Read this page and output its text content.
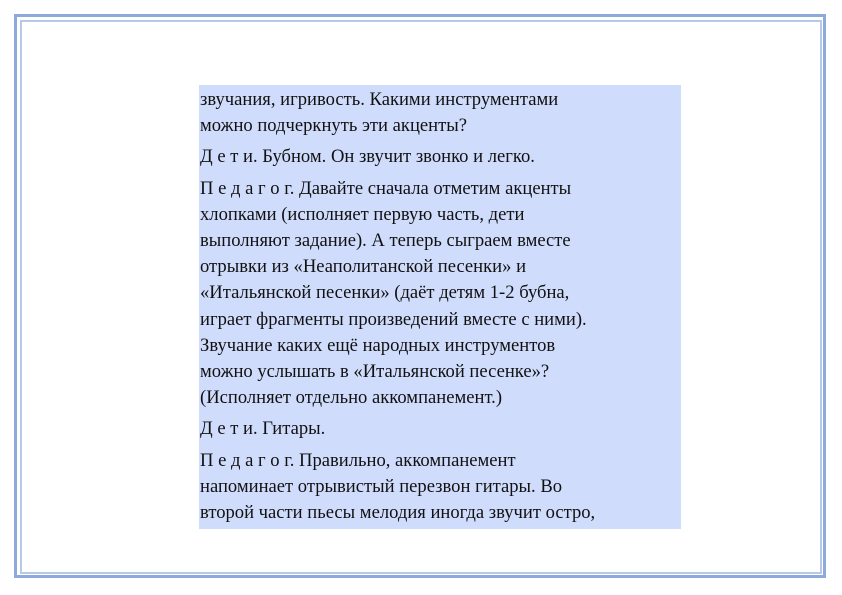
звучания, игривость. Какими инструментами
можно подчеркнуть эти акценты?

Д е т и. Бубном. Он звучит звонко и легко.

П е д а г о г. Давайте сначала отметим акценты
хлопками (исполняет первую часть, дети
выполняют задание). А теперь сыграем вместе
отрывки из «Неаполитанской песенки» и
«Итальянской песенки» (даёт детям 1-2 бубна,
играет фрагменты произведений вместе с ними).
Звучание каких ещё народных инструментов
можно услышать в «Итальянской песенке»?
(Исполняет отдельно аккомпанемент.)

Д е т и. Гитары.

П е д а г о г. Правильно, аккомпанемент
напоминает отрывистый перезвон гитары. Во
второй части пьесы мелодия иногда звучит остро,
